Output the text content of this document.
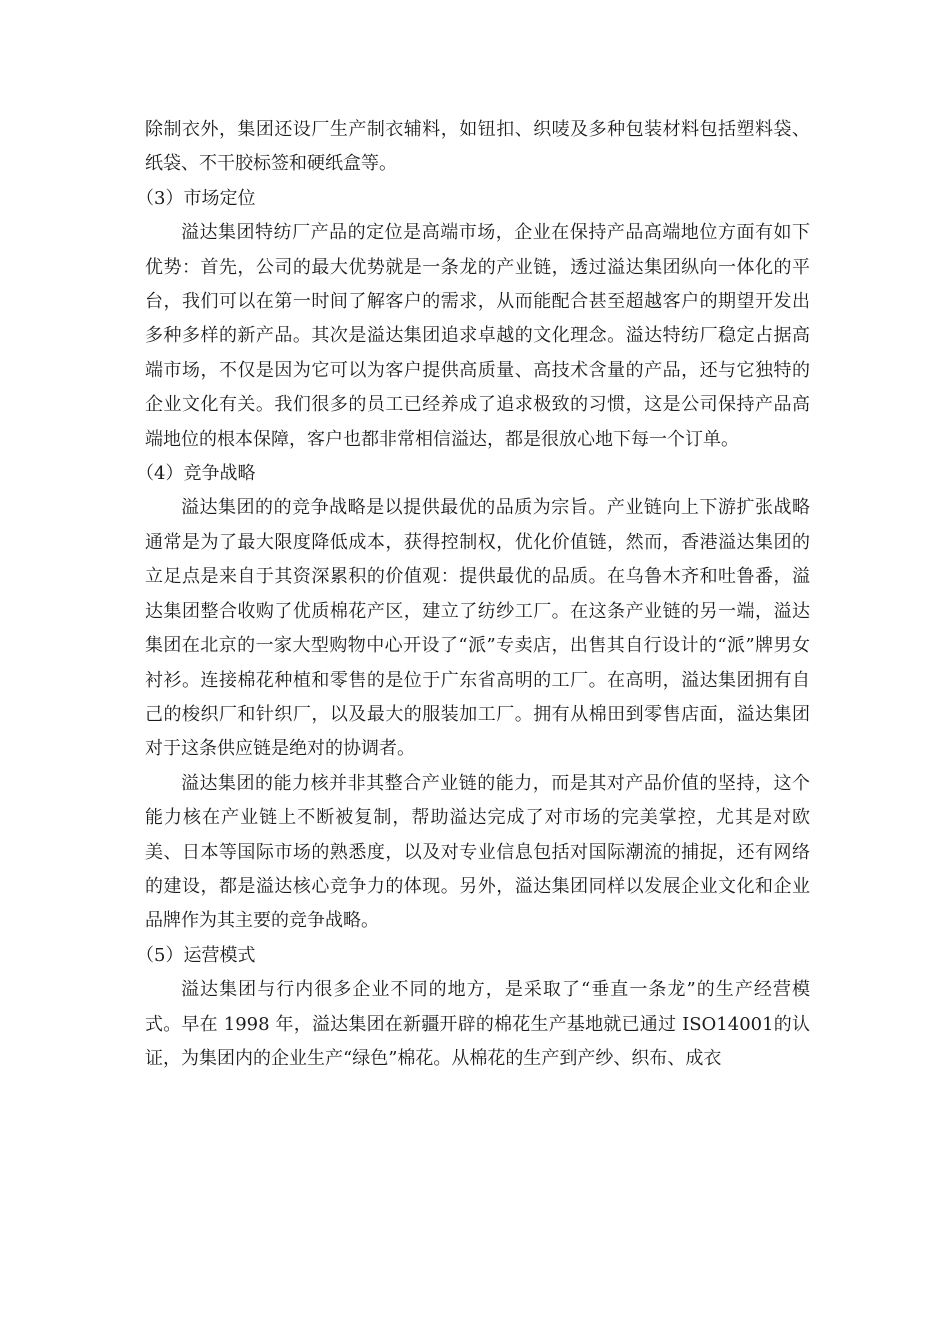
除制衣外，集团还设厂生产制衣辅料，如钮扣、织唛及多种包装材料包括塑料袋、纸袋、不干胶标签和硬纸盒等。

（3）市场定位

溢达集团特纺厂产品的定位是高端市场，企业在保持产品高端地位方面有如下优势：首先，公司的最大优势就是一条龙的产业链，透过溢达集团纵向一体化的平台，我们可以在第一时间了解客户的需求，从而能配合甚至超越客户的期望开发出多种多样的新产品。其次是溢达集团追求卓越的文化理念。溢达特纺厂稳定占据高端市场，不仅是因为它可以为客户提供高质量、高技术含量的产品，还与它独特的企业文化有关。我们很多的员工已经养成了追求极致的习惯，这是公司保持产品高端地位的根本保障，客户也都非常相信溢达，都是很放心地下每一个订单。

（4）竞争战略

溢达集团的的竞争战略是以提供最优的品质为宗旨。产业链向上下游扩张战略通常是为了最大限度降低成本，获得控制权，优化价值链，然而，香港溢达集团的立足点是来自于其资深累积的价值观：提供最优的品质。在乌鲁木齐和吐鲁番，溢达集团整合收购了优质棉花产区，建立了纺纱工厂。在这条产业链的另一端，溢达集团在北京的一家大型购物中心开设了“派”专卖店，出售其自行设计的“派”牌男女衬衫。连接棉花种植和零售的是位于广东省高明的工厂。在高明，溢达集团拥有自己的梭织厂和针织厂，以及最大的服装加工厂。拥有从棉田到零售店面，溢达集团对于这条供应链是绝对的协调者。

溢达集团的能力核并非其整合产业链的能力，而是其对产品价值的坚持，这个能力核在产业链上不断被复制，帮助溢达完成了对市场的完美掌控，尤其是对欧美、日本等国际市场的熟悉度，以及对专业信息包括对国际潮流的捕捉，还有网络的建设，都是溢达核心竞争力的体现。另外，溢达集团同样以发展企业文化和企业品牌作为其主要的竞争战略。

（5）运营模式

溢达集团与行内很多企业不同的地方，是采取了“垂直一条龙”的生产经营模式。早在 1998 年，溢达集团在新疆开辟的棉花生产基地就已通过 ISO14001的认证，为集团内的企业生产“绿色”棉花。从棉花的生产到产纱、织布、成衣
